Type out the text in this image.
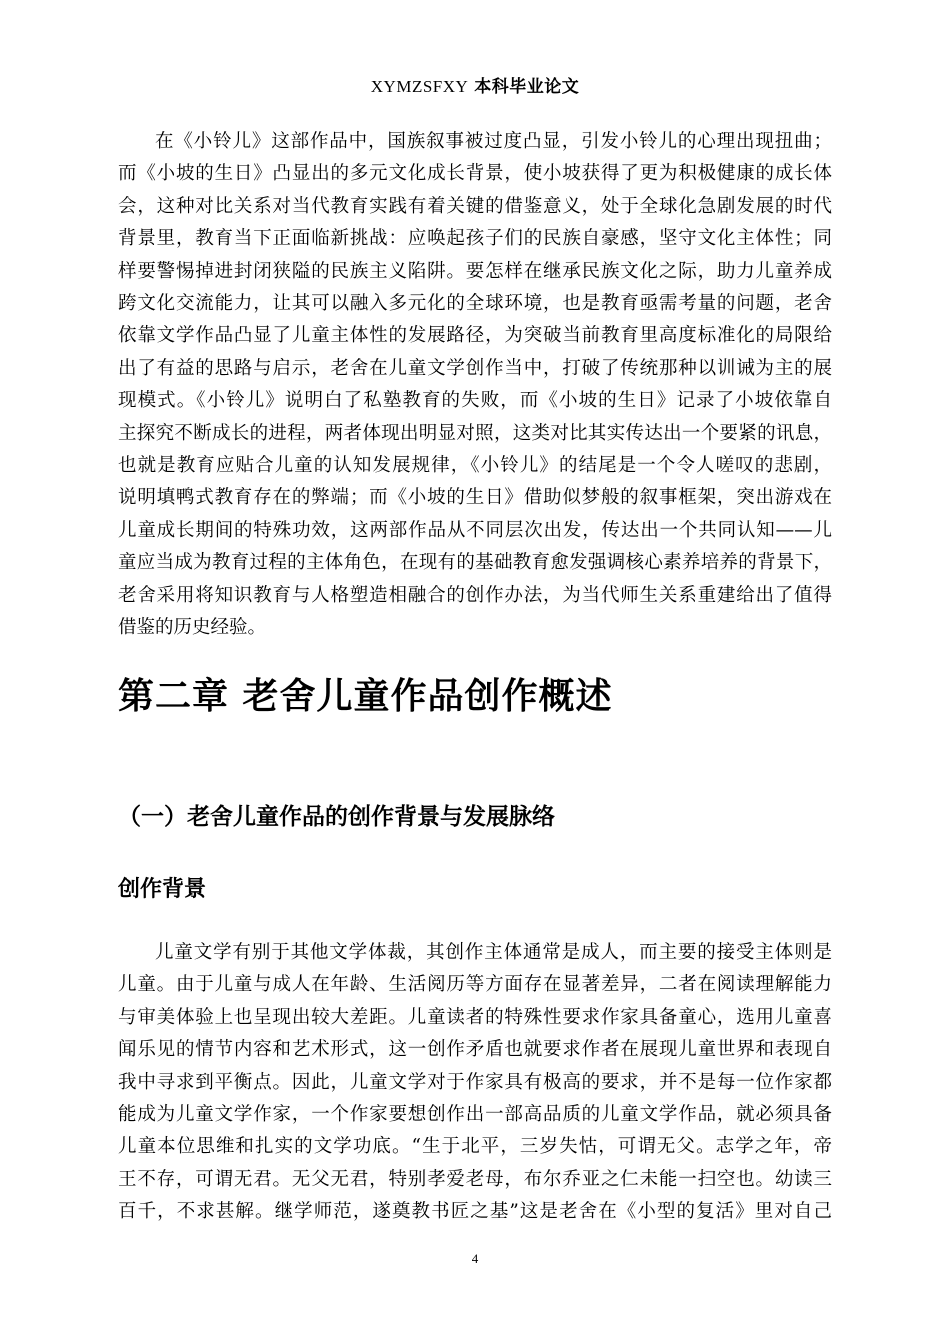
XYMZSFXY 本科毕业论文
在《小铃儿》这部作品中，国族叙事被过度凸显，引发小铃儿的心理出现扭曲；
而《小坡的生日》凸显出的多元文化成长背景，使小坡获得了更为积极健康的成长体
会，这种对比关系对当代教育实践有着关键的借鉴意义，处于全球化急剧发展的时代
背景里，教育当下正面临新挑战：应唤起孩子们的民族自豪感，坚守文化主体性；同
样要警惕掉进封闭狭隘的民族主义陷阱。要怎样在继承民族文化之际，助力儿童养成
跨文化交流能力，让其可以融入多元化的全球环境，也是教育亟需考量的问题，老舍
依靠文学作品凸显了儿童主体性的发展路径，为突破当前教育里高度标准化的局限给
出了有益的思路与启示，老舍在儿童文学创作当中，打破了传统那种以训诫为主的展
现模式。《小铃儿》说明白了私塾教育的失败，而《小坡的生日》记录了小坡依靠自
主探究不断成长的进程，两者体现出明显对照，这类对比其实传达出一个要紧的讯息，
也就是教育应贴合儿童的认知发展规律，《小铃儿》的结尾是一个令人嗟叹的悲剧，
说明填鸭式教育存在的弊端；而《小坡的生日》借助似梦般的叙事框架，突出游戏在
儿童成长期间的特殊功效，这两部作品从不同层次出发，传达出一个共同认知——儿
童应当成为教育过程的主体角色，在现有的基础教育愈发强调核心素养培养的背景下，
老舍采用将知识教育与人格塑造相融合的创作办法，为当代师生关系重建给出了值得
借鉴的历史经验。
第二章 老舍儿童作品创作概述
（一）老舍儿童作品的创作背景与发展脉络
创作背景
儿童文学有别于其他文学体裁，其创作主体通常是成人，而主要的接受主体则是
儿童。由于儿童与成人在年龄、生活阅历等方面存在显著差异，二者在阅读理解能力
与审美体验上也呈现出较大差距。儿童读者的特殊性要求作家具备童心，选用儿童喜
闻乐见的情节内容和艺术形式，这一创作矛盾也就要求作者在展现儿童世界和表现自
我中寻求到平衡点。因此，儿童文学对于作家具有极高的要求，并不是每一位作家都
能成为儿童文学作家，一个作家要想创作出一部高品质的儿童文学作品，就必须具备
儿童本位思维和扎实的文学功底。“生于北平，三岁失怙，可谓无父。志学之年，帝
王不存，可谓无君。无父无君，特别孝爱老母，布尔乔亚之仁未能一扫空也。幼读三
百千，不求甚解。继学师范，遂奠教书匠之基”这是老舍在《小型的复活》里对自己
4
